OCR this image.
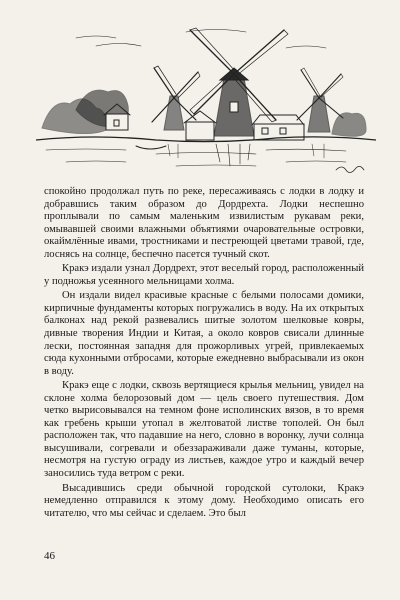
спокойно продолжал путь по реке, пересаживаясь с лодки в лодку и добравшись таким образом до Дордрехта. Лодки неспешно проплывали по самым маленьким извилистым рукавам реки, омывавшей своими влажными объятиями очаровательные островки, окаймлённые ивами, тростниками и пестреющей цветами травой, где, лоснясь на солнце, беспечно пасется тучный скот.

Кракэ издали узнал Дордрехт, этот веселый город, расположенный у подножья усеянного мельницами холма.

Он издали видел красивые красные с белыми полосами домики, кирпичные фундаменты которых погружались в воду. На их открытых балконах над рекой развевались шитые золотом шелковые ковры, дивные творения Индии и Китая, а около ковров свисали длинные лески, постоянная западня для прожорливых угрей, привлекаемых сюда кухонными отбросами, которые ежедневно выбрасывали из окон в воду.

Кракэ еще с лодки, сквозь вертящиеся крылья мельниц, увидел на склоне холма белорозовый дом — цель своего путешествия. Дом четко вырисовывался на темном фоне исполинских вязов, в то время как гребень крыши утопал в желтоватой листве тополей. Он был расположен так, что падавшие на него, словно в воронку, лучи солнца высушивали, согревали и обеззараживали даже туманы, которые, несмотря на густую ограду из листьев, каждое утро и каждый вечер заносились туда ветром с реки.

Высадившись среди обычной городской сутолоки, Кракэ немедленно отправился к этому дому. Необходимо описать его читателю, что мы сейчас и сделаем. Это был

46
